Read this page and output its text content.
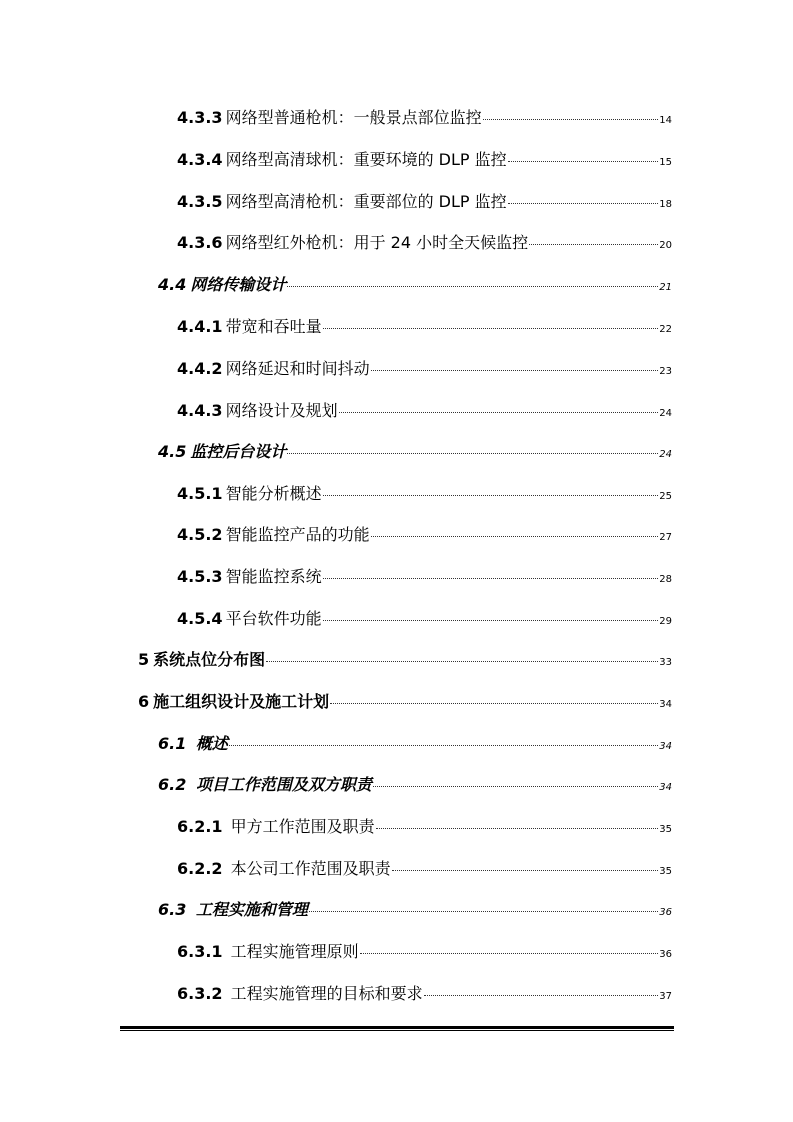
4.3.3 网络型普通枪机：一般景点部位监控	14
4.3.4 网络型高清球机：重要环境的 DLP 监控	15
4.3.5 网络型高清枪机：重要部位的 DLP 监控	18
4.3.6 网络型红外枪机：用于 24 小时全天候监控	20
4.4 网络传输设计	21
4.4.1 带宽和吞吐量	22
4.4.2 网络延迟和时间抖动	23
4.4.3 网络设计及规划	24
4.5 监控后台设计	24
4.5.1 智能分析概述	25
4.5.2 智能监控产品的功能	27
4.5.3 智能监控系统	28
4.5.4 平台软件功能	29
5 系统点位分布图	33
6 施工组织设计及施工计划	34
6.1 概述	34
6.2 项目工作范围及双方职责	34
6.2.1 甲方工作范围及职责	35
6.2.2 本公司工作范围及职责	35
6.3 工程实施和管理	36
6.3.1 工程实施管理原则	36
6.3.2 工程实施管理的目标和要求	37
